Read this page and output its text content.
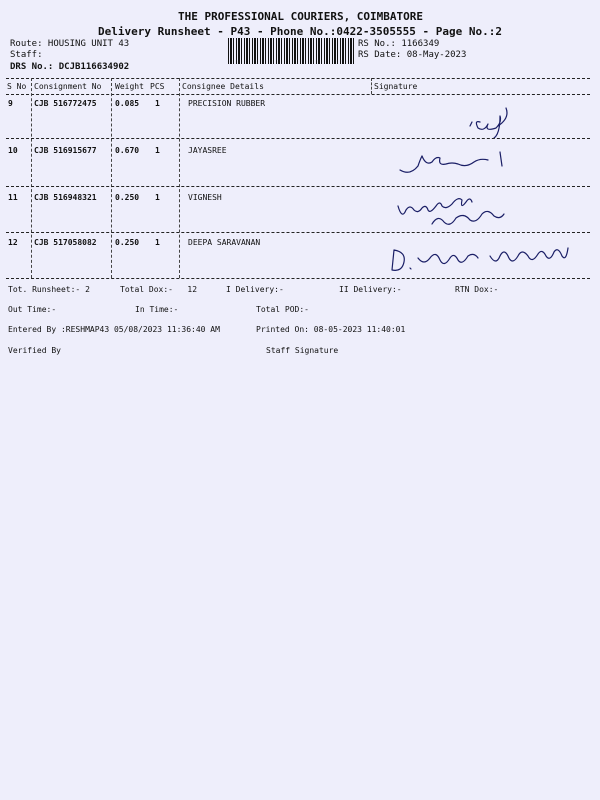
THE PROFESSIONAL COURIERS, COIMBATORE
Delivery Runsheet - P43 - Phone No.:0422-3505555 - Page No.:2
Route: HOUSING UNIT 43
Staff:
DRS No.: DCJB116634902
RS No.: 1166349
RS Date: 08-May-2023
S No Consignment No Weight PCS Consignee Details	Signature
9	CJB 516772475 0.085 1	PRECISION RUBBER
10 CJB 516915677 0.670 1	JAYASREE
11 CJB 516948321 0.250 1	VIGNESH
12 CJB 517058082 0.250 1	DEEPA SARAVANAN
Tot. Runsheet:- 2	Total Dox:-   12	I Delivery:-	II Delivery:-	RTN Dox:-
Out Time:-	In Time:-	Total POD:-
Entered By :RESHMAP43 05/08/2023 11:36:40 AM	Printed On: 08-05-2023 11:40:01
Verified By	Staff Signature
